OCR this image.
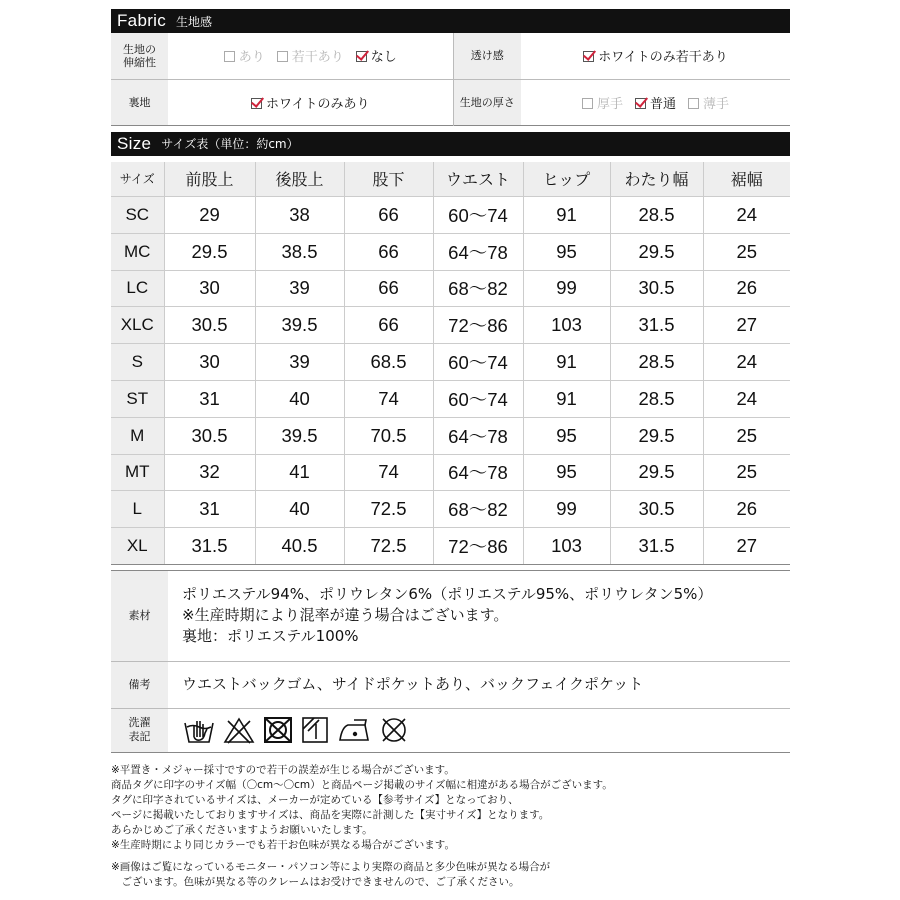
Fabric 生地感
生地の
伸縮性	あり 若干あり なし	透け感	ホワイトのみ若干あり
裏地	ホワイトのみあり	生地の厚さ	厚手 普通 薄手
Size サイズ表（単位：約cm）
サイズ	前股上	後股上	股下	ウエスト	ヒップ	わたり幅	裾幅
SC	29	38	66	60〜74	91	28.5	24
MC	29.5	38.5	66	64〜78	95	29.5	25
LC	30	39	66	68〜82	99	30.5	26
XLC	30.5	39.5	66	72〜86	103	31.5	27
S	30	39	68.5	60〜74	91	28.5	24
ST	31	40	74	60〜74	91	28.5	24
M	30.5	39.5	70.5	64〜78	95	29.5	25
MT	32	41	74	64〜78	95	29.5	25
L	31	40	72.5	68〜82	99	30.5	26
XL	31.5	40.5	72.5	72〜86	103	31.5	27
素材	ポリエステル94%、ポリウレタン6%（ポリエステル95%、ポリウレタン5%）
※生産時期により混率が違う場合はございます。
裏地：ポリエステル100%

備考	ウエストバックゴム、サイドポケットあり、バックフェイクポケット
洗濯
表記	

※平置き・メジャー採寸ですので若干の誤差が生じる場合がございます。

商品タグに印字のサイズ幅（〇cm〜〇cm）と商品ページ掲載のサイズ幅に相違がある場合がございます。

タグに印字されているサイズは、メーカーが定めている【参考サイズ】となっており、

ページに掲載いたしておりますサイズは、商品を実際に計測した【実寸サイズ】となります。

あらかじめご了承くださいますようお願いいたします。

※生産時期により同じカラーでも若干お色味が異なる場合がございます。

※画像はご覧になっているモニター・パソコン等により実際の商品と多少色味が異なる場合が

　ございます。色味が異なる等のクレームはお受けできませんので、ご了承ください。
